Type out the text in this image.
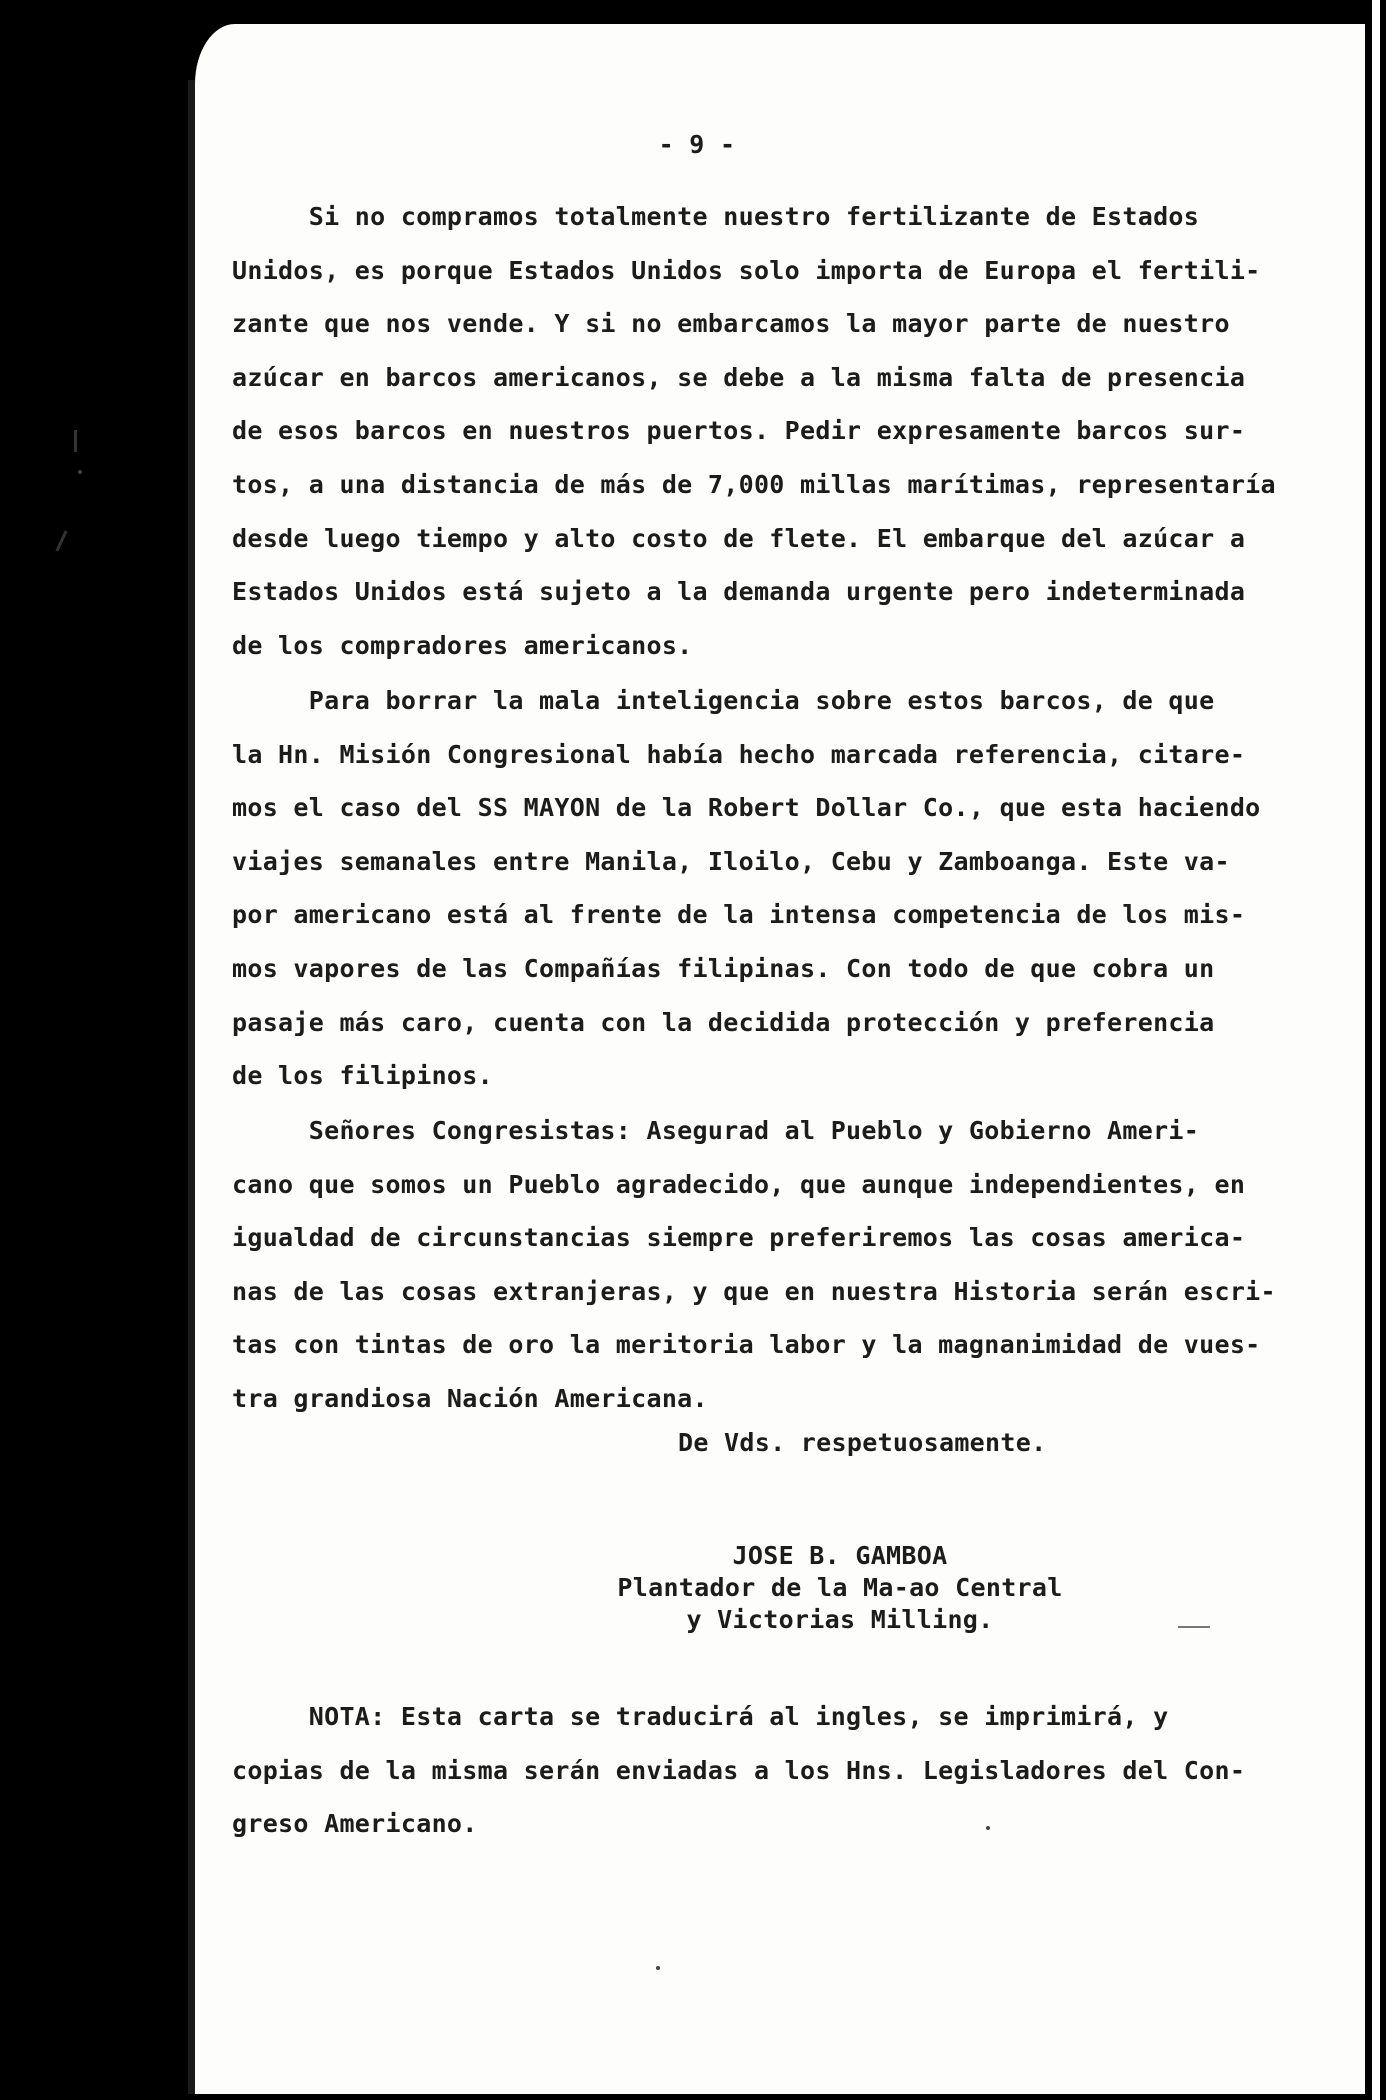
- 9 -
Si no compramos totalmente nuestro fertilizante de Estados
Unidos, es porque Estados Unidos solo importa de Europa el fertili-
zante que nos vende. Y si no embarcamos la mayor parte de nuestro
azúcar en barcos americanos, se debe a la misma falta de presencia
de esos barcos en nuestros puertos. Pedir expresamente barcos sur-
tos, a una distancia de más de 7,000 millas marítimas, representaría
desde luego tiempo y alto costo de flete. El embarque del azúcar a
Estados Unidos está sujeto a la demanda urgente pero indeterminada
de los compradores americanos.
Para borrar la mala inteligencia sobre estos barcos, de que
la Hn. Misión Congresional había hecho marcada referencia, citare-
mos el caso del SS MAYON de la Robert Dollar Co., que esta haciendo
viajes semanales entre Manila, Iloilo, Cebu y Zamboanga. Este va-
por americano está al frente de la intensa competencia de los mis-
mos vapores de las Compañías filipinas. Con todo de que cobra un
pasaje más caro, cuenta con la decidida protección y preferencia
de los filipinos.
Señores Congresistas: Asegurad al Pueblo y Gobierno Ameri-
cano que somos un Pueblo agradecido, que aunque independientes, en
igualdad de circunstancias siempre preferiremos las cosas america-
nas de las cosas extranjeras, y que en nuestra Historia serán escri-
tas con tintas de oro la meritoria labor y la magnanimidad de vues-
tra grandiosa Nación Americana.
De Vds. respetuosamente.
JOSE B. GAMBOA
Plantador de la Ma-ao Central
y Victorias Milling.
NOTA: Esta carta se traducirá al ingles, se imprimirá, y
copias de la misma serán enviadas a los Hns. Legisladores del Con-
greso Americano.
